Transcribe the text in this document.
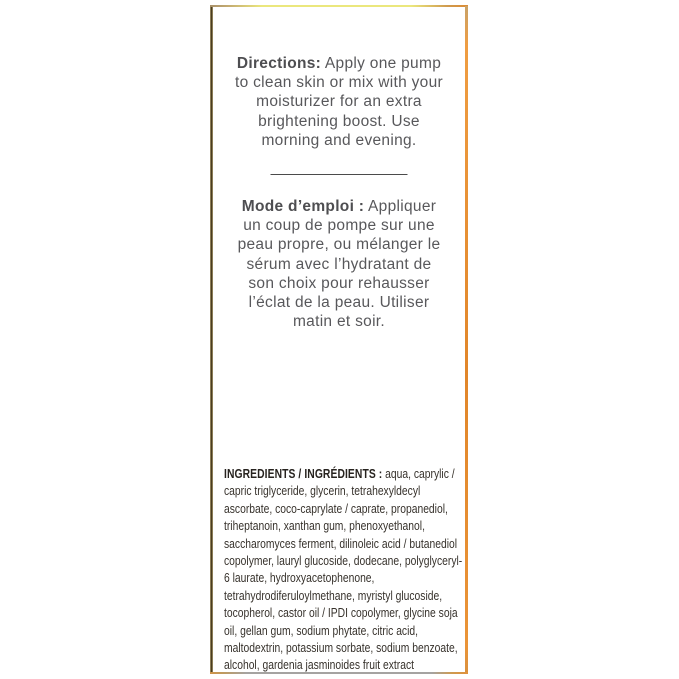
Directions: Apply one pump to clean skin or mix with your moisturizer for an extra brightening boost. Use morning and evening.

Mode d’emploi : Appliquer un coup de pompe sur une peau propre, ou mélanger le sérum avec l’hydratant de son choix pour rehausser l’éclat de la peau. Utiliser matin et soir.

INGREDIENTS / INGRÉDIENTS : aqua, caprylic / capric triglyceride, glycerin, tetrahexyldecyl ascorbate, coco-caprylate / caprate, propanediol, triheptanoin, xanthan gum, phenoxyethanol, saccharomyces ferment, dilinoleic acid / butanediol copolymer, lauryl glucoside, dodecane, polyglyceryl-6 laurate, hydroxyacetophenone, tetrahydrodiferuloylmethane, myristyl glucoside, tocopherol, castor oil / IPDI copolymer, glycine soja oil, gellan gum, sodium phytate, citric acid, maltodextrin, potassium sorbate, sodium benzoate, alcohol, gardenia jasminoides fruit extract
